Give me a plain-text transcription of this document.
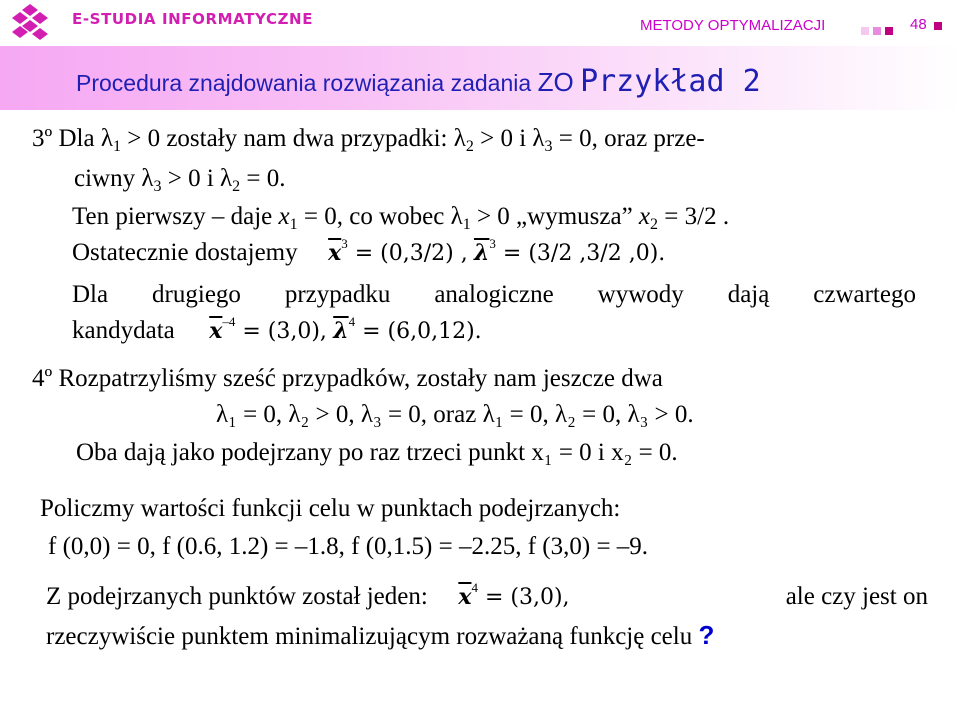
E-STUDIA INFORMATYCZNE	METODY OPTYMALIZACJI	48
Procedura znajdowania rozwiązania zadania ZO Przykład 2
3º Dla $\lambda_1 > 0$ zostały nam dwa przypadki: $\lambda_2 > 0$ i $\lambda_3 = 0$, oraz prze-
ciwny $\lambda_3 > 0$ i $\lambda_2 = 0$.
Ten pierwszy – daje $x_1 = 0$, co wobec $\lambda_1 > 0$ „wymusza” $x_2 = 3/2$ .
Ostatecznie dostajemy $\overline{x}^3 = (0,3/2)$ , $\overline{\lambda}^3 = (3/2$ ,3/2 ,0).
Dla drugiego przypadku analogiczne wywody dają czwartego
kandydata $\overline{x}^{-4} = (3,0)$, $\overline{\lambda}^4 = (6,0,12)$.
4º Rozpatrzyliśmy sześć przypadków, zostały nam jeszcze dwa
λ₁ = 0, λ₂ > 0, λ₃ = 0, oraz λ₁ = 0, λ₂ = 0, λ₃ > 0.
Oba dają jako podejrzany po raz trzeci punkt x₁ = 0 i x₂ = 0.
Policzmy wartości funkcji celu w punktach podejrzanych:
f (0,0) = 0, f (0.6, 1.2) = –1.8, f (0,1.5) = –2.25, f (3,0) = –9.
Z podejrzanych punktów został jeden: $\overline{x}^4 = (3,0)$,	ale czy jest on
rzeczywiście punktem minimalizującym rozważaną funkcję celu ?
